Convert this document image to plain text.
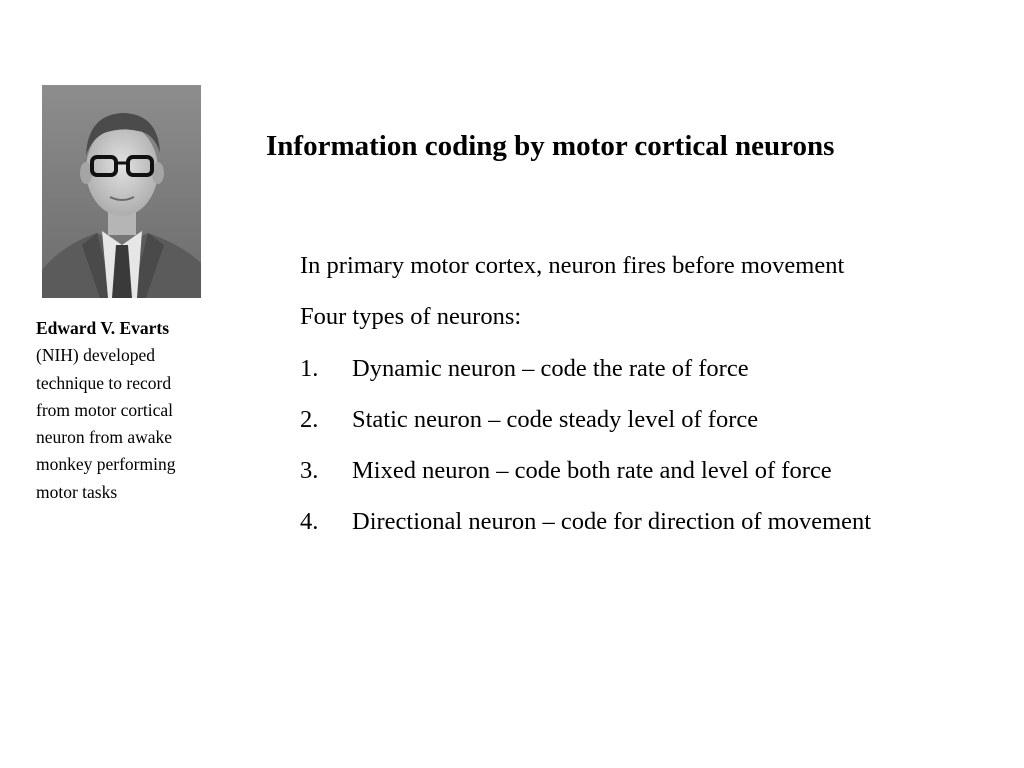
Edward V. Evarts
(NIH) developed
technique to record
from motor cortical
neuron from awake
monkey performing
motor tasks
Information coding by motor cortical neurons
In primary motor cortex, neuron fires before movement
Four types of neurons:
1.	Dynamic neuron – code the rate of force
2.	Static neuron – code steady level of force
3.	Mixed neuron – code both rate and level of force
4.	Directional neuron – code for direction of movement
